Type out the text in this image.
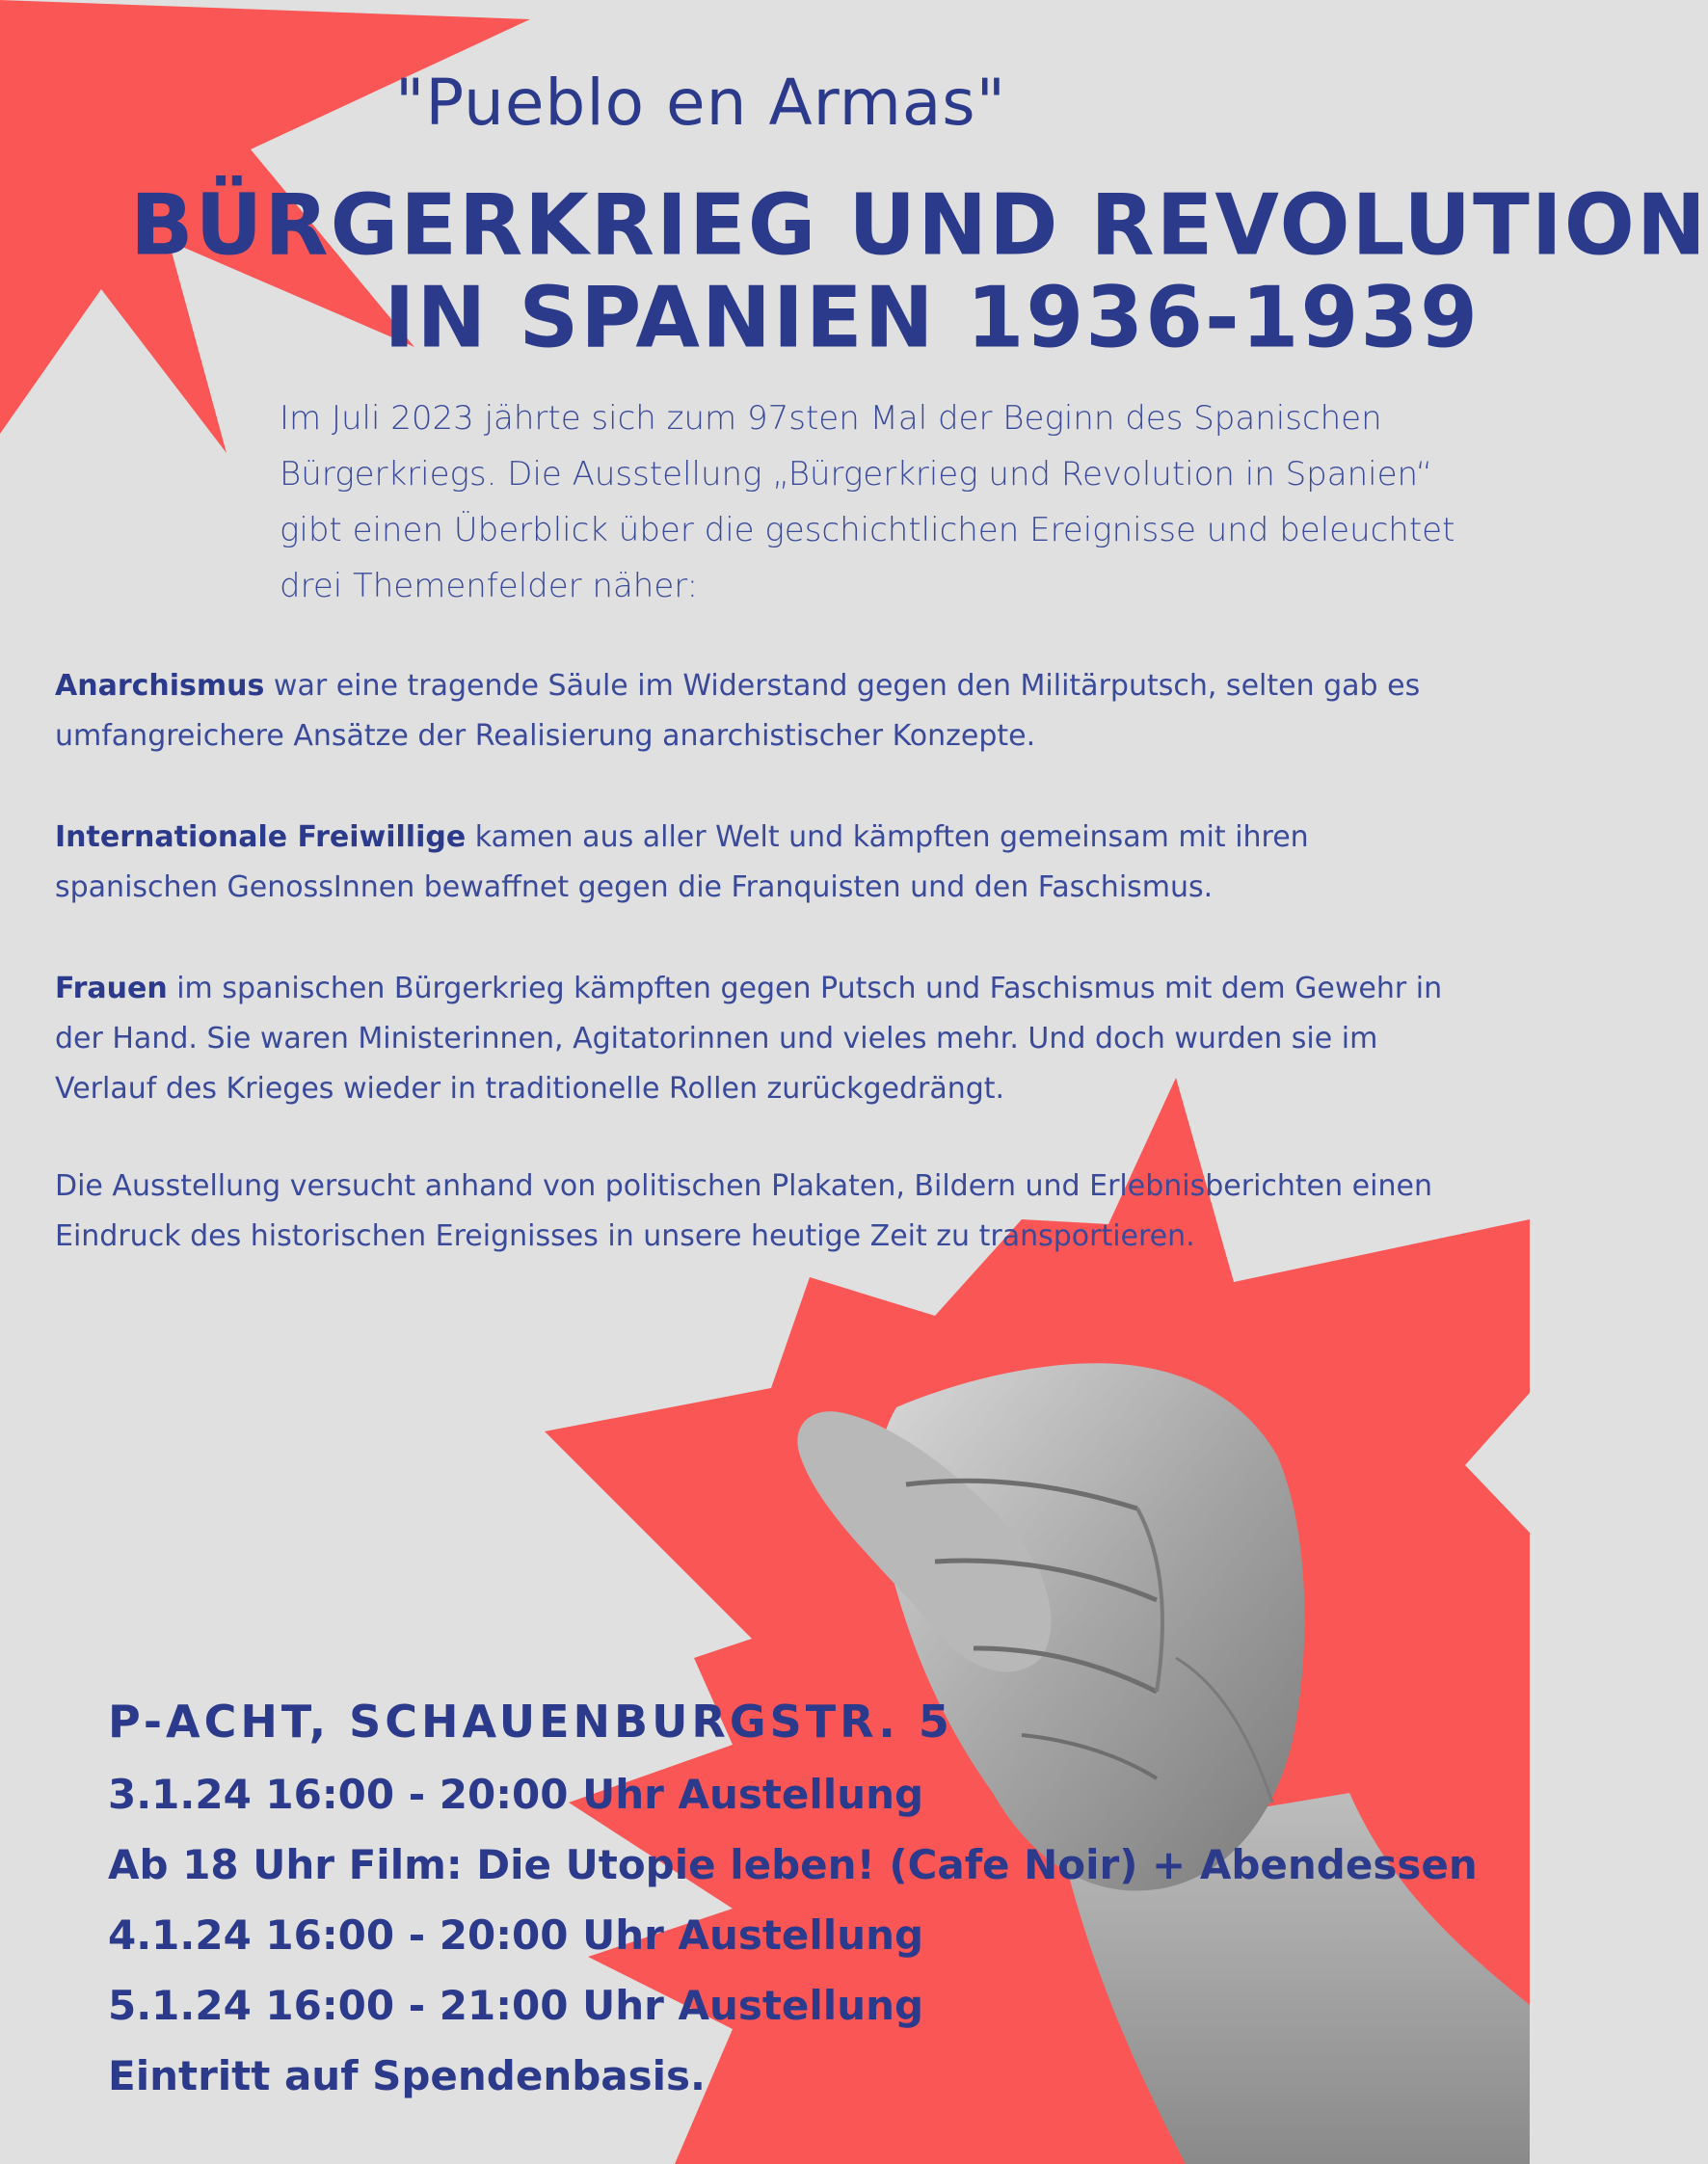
"Pueblo en Armas"
BÜRGERKRIEG UND REVOLUTION
IN SPANIEN 1936-1939
Im Juli 2023 jährte sich zum 97sten Mal der Beginn des Spanischen Bürgerkriegs. Die Ausstellung „Bürgerkrieg und Revolution in Spanien“ gibt einen Überblick über die geschichtlichen Ereignisse und beleuchtet drei Themenfelder näher:
Anarchismus war eine tragende Säule im Widerstand gegen den Militärputsch, selten gab es umfangreichere Ansätze der Realisierung anarchistischer Konzepte.
Internationale Freiwillige kamen aus aller Welt und kämpften gemeinsam mit ihren spanischen GenossInnen bewaffnet gegen die Franquisten und den Faschismus.
Frauen im spanischen Bürgerkrieg kämpften gegen Putsch und Faschismus mit dem Gewehr in der Hand. Sie waren Ministerinnen, Agitatorinnen und vieles mehr. Und doch wurden sie im Verlauf des Krieges wieder in traditionelle Rollen zurückgedrängt.
Die Ausstellung versucht anhand von politischen Plakaten, Bildern und Erlebnisberichten einen Eindruck des historischen Ereignisses in unsere heutige Zeit zu transportieren.
P-ACHT, SCHAUENBURGSTR. 5
3.1.24 16:00 - 20:00 Uhr Austellung
Ab 18 Uhr Film: Die Utopie leben! (Cafe Noir) + Abendessen
4.1.24 16:00 - 20:00 Uhr Austellung
5.1.24 16:00 - 21:00 Uhr Austellung
Eintritt auf Spendenbasis.
